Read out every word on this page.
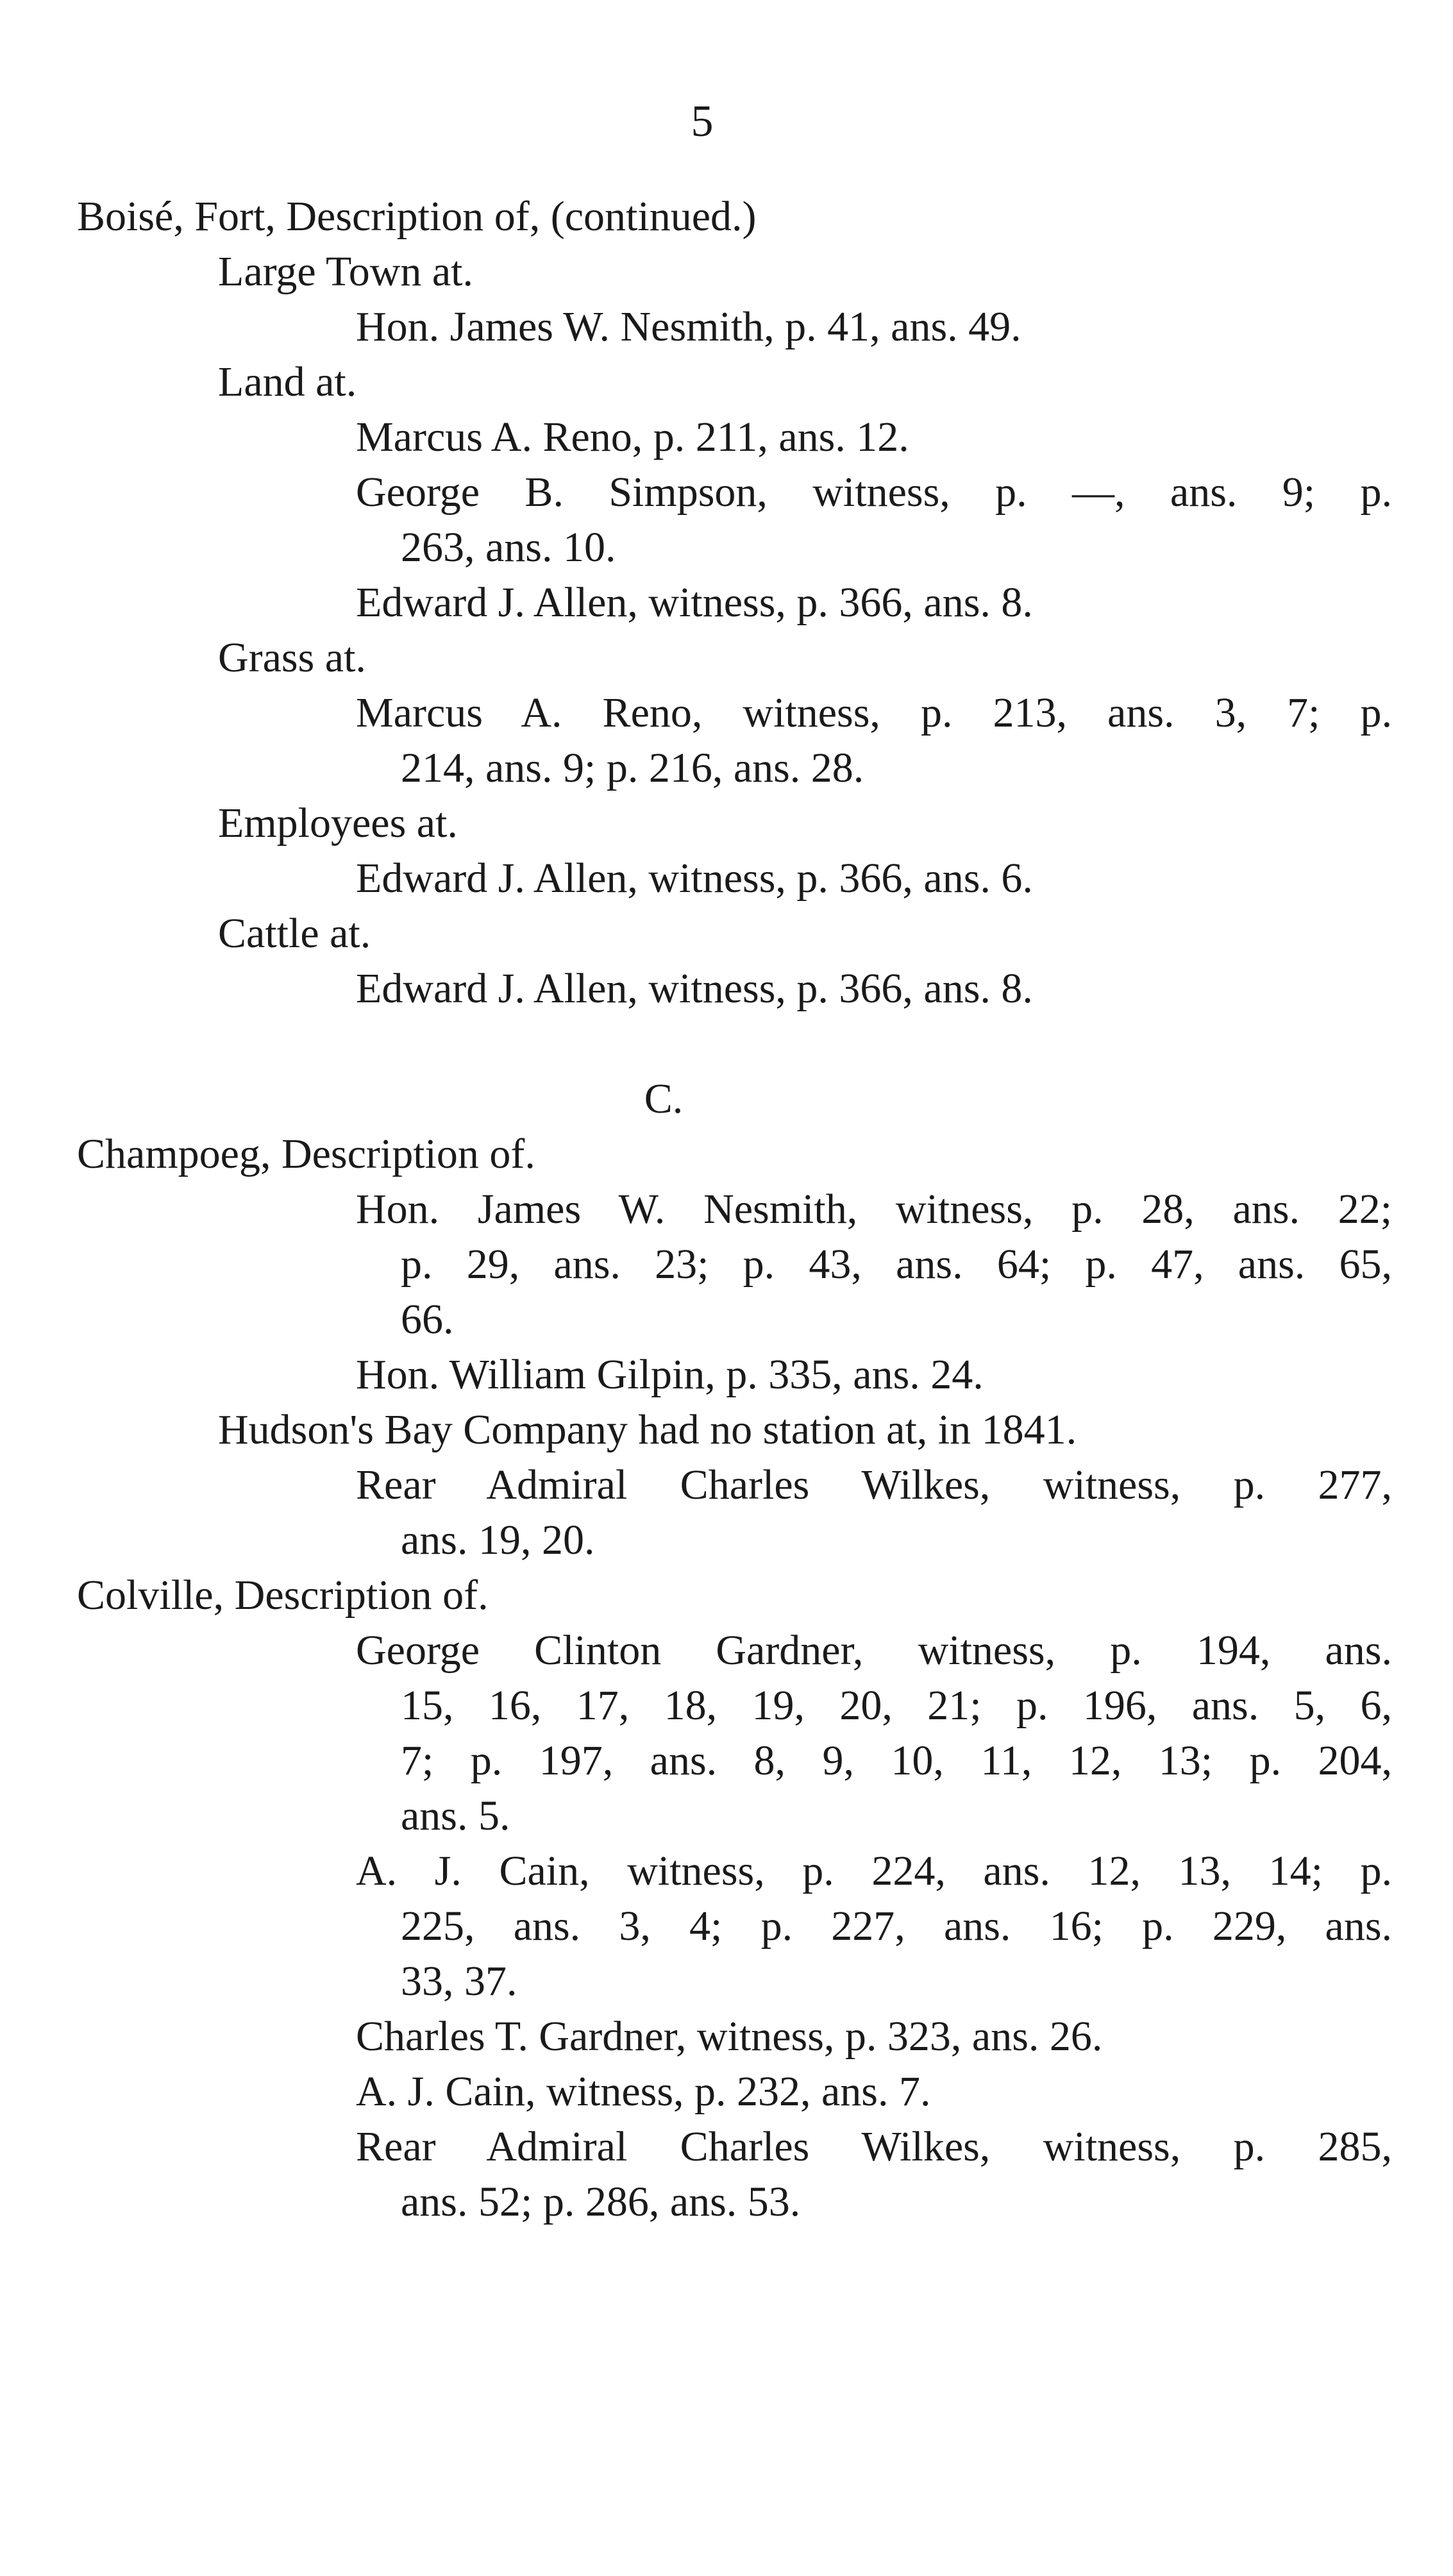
5
Boisé, Fort, Description of, (continued.)
Large Town at.
Hon. James W. Nesmith, p. 41, ans. 49.
Land at.
Marcus A. Reno, p. 211, ans. 12.
George B. Simpson, witness, p. —, ans. 9; p.
263, ans. 10.
Edward J. Allen, witness, p. 366, ans. 8.
Grass at.
Marcus A. Reno, witness, p. 213, ans. 3, 7; p.
214, ans. 9; p. 216, ans. 28.
Employees at.
Edward J. Allen, witness, p. 366, ans. 6.
Cattle at.
Edward J. Allen, witness, p. 366, ans. 8.
C.
Champoeg, Description of.
Hon. James W. Nesmith, witness, p. 28, ans. 22;
p. 29, ans. 23; p. 43, ans. 64; p. 47, ans. 65,
66.
Hon. William Gilpin, p. 335, ans. 24.
Hudson's Bay Company had no station at, in 1841.
Rear Admiral Charles Wilkes, witness, p. 277,
ans. 19, 20.
Colville, Description of.
George Clinton Gardner, witness, p. 194, ans.
15, 16, 17, 18, 19, 20, 21; p. 196, ans. 5, 6,
7; p. 197, ans. 8, 9, 10, 11, 12, 13; p. 204,
ans. 5.
A. J. Cain, witness, p. 224, ans. 12, 13, 14; p.
225, ans. 3, 4; p. 227, ans. 16; p. 229, ans.
33, 37.
Charles T. Gardner, witness, p. 323, ans. 26.
A. J. Cain, witness, p. 232, ans. 7.
Rear Admiral Charles Wilkes, witness, p. 285,
ans. 52; p. 286, ans. 53.
